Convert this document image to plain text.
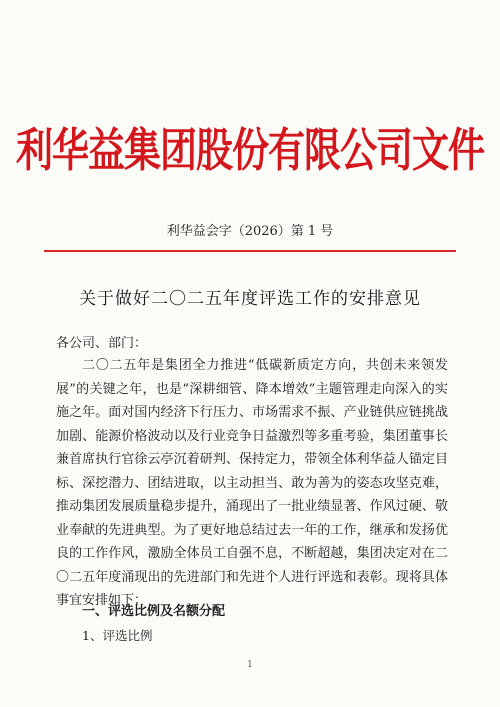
利华益集团股份有限公司文件
利华益会字（2026）第 1 号
关于做好二〇二五年度评选工作的安排意见
各公司、部门：

二〇二五年是集团全力推进“低碳新质定方向，共创未来领发展”的关键之年，也是“深耕细管、降本增效”主题管理走向深入的实施之年。面对国内经济下行压力、市场需求不振、产业链供应链挑战加剧、能源价格波动以及行业竞争日益激烈等多重考验，集团董事长兼首席执行官徐云亭沉着研判、保持定力，带领全体利华益人锚定目标、深挖潜力、团结进取，以主动担当、敢为善为的姿态攻坚克难，推动集团发展质量稳步提升，涌现出了一批业绩显著、作风过硬、敬业奉献的先进典型。为了更好地总结过去一年的工作，继承和发扬优良的工作作风，激励全体员工自强不息，不断超越，集团决定对在二〇二五年度涌现出的先进部门和先进个人进行评选和表彰。现将具体事宜安排如下：

一、评选比例及名额分配
1、评选比例
1
